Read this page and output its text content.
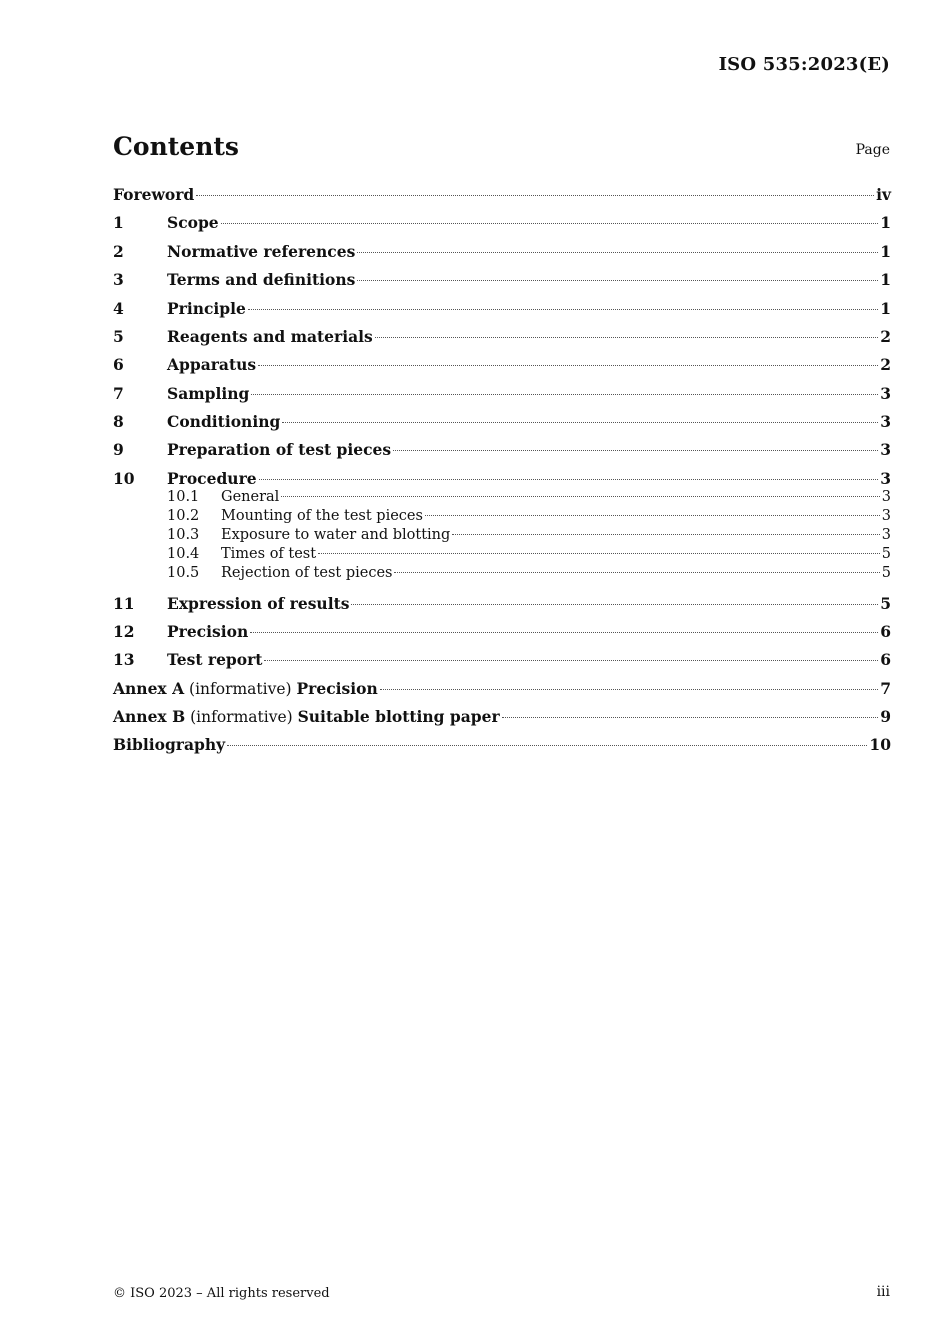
ISO 535:2023(E)
Contents	Page
Foreword	iv
1	Scope	1
2	Normative references	1
3	Terms and definitions	1
4	Principle	1
5	Reagents and materials	2
6	Apparatus	2
7	Sampling	3
8	Conditioning	3
9	Preparation of test pieces	3
10	Procedure	3
10.1	General	3
10.2	Mounting of the test pieces	3
10.3	Exposure to water and blotting	3
10.4	Times of test	5
10.5	Rejection of test pieces	5
11	Expression of results	5
12	Precision	6
13	Test report	6
Annex A (informative) Precision	7
Annex B (informative) Suitable blotting paper	9
Bibliography	10
© ISO 2023 – All rights reserved	iii
